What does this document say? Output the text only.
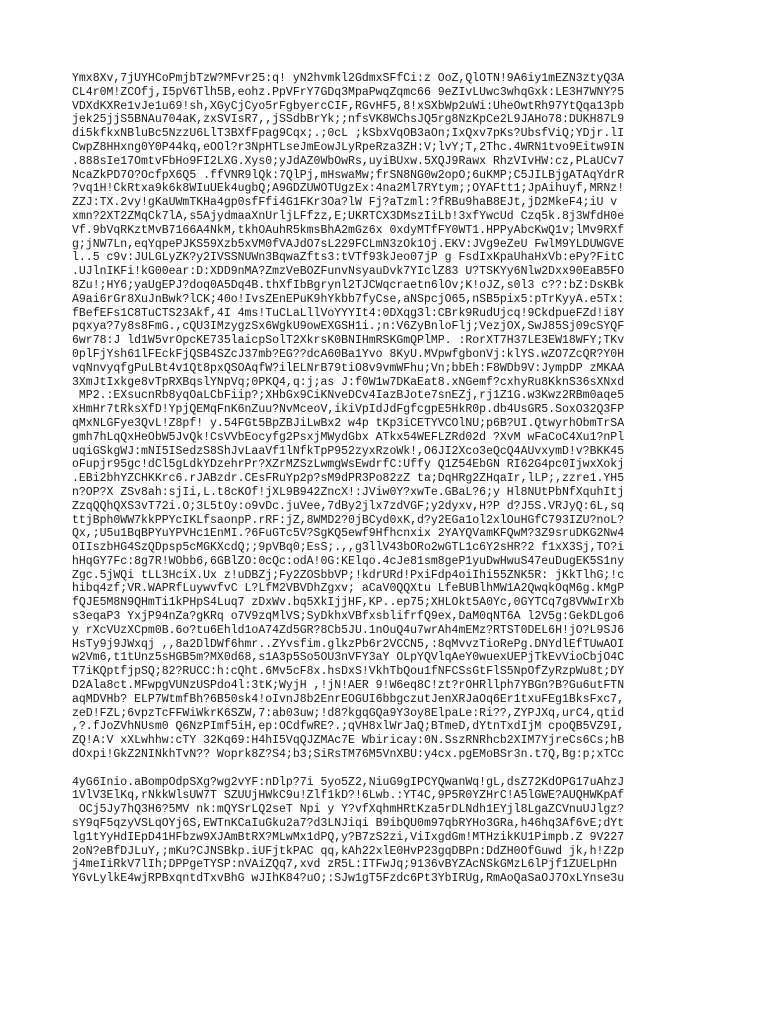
Ymx8Xv,7jUYHCoPmjbTzW?MFvr25:q! yN2hvmkl2GdmxSFfCi:z OoZ,QlOTN!9A6iy1mEZN3ztyQ3A
CL4r0M!ZCOfj,I5pV6Tlh5B,eohz.PpVFrY7GDq3MpaPwqZqmc66 9eZIvLUwc3whqGxk:LE3H7WNY?5
VDXdKXRe1vJe1u69!sh,XGyCjCyo5rFgbyercCIF,RGvHF5,8!xSXbWp2uWi:UheOwtRh97YtQqa13pb
jek25jjS5BNAu704aK,zxSVIsR7,,jSSdbBrYk;;nfsVK8WChsJQ5rg8NzKpCe2L9JAHo78:DUKH87L9
di5kfkxNBluBc5NzzU6LlT3BXfFpag9Cqx;.;0cL ;kSbxVqOB3aOn;IxQxv7pKs?UbsfViQ;YDjr.lI
CwpZ8HHxng0Y0P44kq,eOOl?r3NpHTLseJmEowJLyRpeRza3ZH:V;lvY;T,2Thc.4WRN1tvo9Eitw9IN
.888sIe17OmtvFbHo9FI2LXG.Xys0;yJdAZ0WbOwRs,uyiBUxw.5XQJ9Rawx RhzVIvHW:cz,PLaUCv7
NcaZkPD7O?OcfpX6Q5 .ffVNR9lQk:7QlPj,mHswaMw;frSN8NG0w2opO;6uKMP;C5JILBjgATAqYdrR
?vq1H!CkRtxa9k6k8WIuUEk4ugbQ;A9GDZUWOTUgzEx:4na2Ml7RYtym;;OYAFtt1;JpAihuyf,MRNz!
ZZJ:TX.2vy!gKaUWmTKHa4gp0sfFfi4G1FKr3Oa?lW Fj?aTzml:?fRBu9haB8EJt,jD2MkeF4;iU v
xmn?2XT2ZMqCk7lA,s5AjydmaaXnUrljLFfzz,E;UKRTCX3DMszIiLb!3xfYwcUd Czq5k.8j3WfdH0e
Vf.9bVqRKztMvB7166A4NkM,tkhOAuhR5kmsBhA2mGz6x 0xdyMTfFY0WT1.HPPyAbcKwQ1v;lMv9RXf
g;jNW7Ln,eqYqpePJKS59Xzb5xVM0fVAJdO7sL229FCLmN3zOk1Oj.EKV:JVg9eZeU FwlM9YLDUWGVE
l..5 c9v:JULGLyZK?y2IVSSNUWn3BqwaZfts3:tVTf93kJeo07jP g FsdIxKpaUhaHxVb:ePy?FitC
.UJlnIKFi!kG00ear:D:XDD9nMA?ZmzVeBOZFunvNsyauDvk7YIclZ83 U?TSKYy6Nlw2Dxx90EaB5FO
8Zu!;HY6;yaUgEPJ?doq0A5Dq4B.thXfIbBgrynl2TJCWqcraetn6lOv;K!oJZ,s0l3 c??:bZ:DsKBk
A9ai6rGr8XuJnBwk?lCK;40o!IvsZEnEPuK9hYkbb7fyCse,aNSpcjO65,nSB5pix5:pTrKyyA.e5Tx:
fBefEFs1C8TuCTS23Akf,4I 4ms!TuCLaLllVoYYYIt4:0DXqg3l:CBrk9RudUjcq!9CkdpueFZd!i8Y
pqxya?7y8s8FmG.,cQU3IMzygzSx6WgkU9owEXGSH1i.;n:V6ZyBnloFlj;VezjOX,SwJ85Sj09cSYQF
6wr78:J ld1W5vrOpcKE735laicpSolT2XkrsK0BNIHmRSKGmQPlMP. :RorXT7H37LE3EW18WFY;TKv
0plFjYsh61lFEckFjQSB4SZcJ37mb?EG??dcA60Ba1Yvo 8KyU.MVpwfgbonVj:klYS.wZO7ZcQR?Y0H
vqNnvyqfgPuLBt4v1Qt8pxQSOAqfW?ilELNrB79tiO8v9vmWFhu;Vn;bbEh:F8WDb9V:JympDP zMKAA
3XmJtIxkge8vTpRXBqslYNpVq;0PKQ4,q:j;as J:f0W1w7DKaEat8.xNGemf?cxhyRu8KknS36sXNxd
MP2.:EXsucnRb8yqOaLCbFiip?;XHbGx9CiKNveDCv4IazBJote7snEZj,rj1Z1G.w3Kwz2RBm0aqe5
xHmHr7tRksXfD!YpjQEMqFnK6nZuu?NvMceoV,ikiVpIdJdFgfcgpE5HkR0p.db4UsGR5.SoxO32Q3FP
qMxNLGFye3QvL!Z8pf! y.54FGt5BpZBJiLwBx2 w4p tKp3iCETYVCOlNU;p6B?UI.QtwyrhObmTrSA
gmh7hLqQxHeObW5JvQk!CsVVbEocyfg2PsxjMWydGbx ATkx54WEFLZRd02d ?XvM wFaCoC4Xu1?nPl
uqiGSkgWJ:mNI5ISedzS8ShJvLaaVf1lNfkTpP952zyxRzoWk!,O6JI2Xco3eQcQ4AUvxymD!v?BKK45
oFupjr95gc!dCl5gLdkYDzehrPr?XZrMZSzLwmgWsEwdrfC:Uffy Q1Z54EbGN RI62G4pc0IjwxXokj
.EBi2bhYZCHKKrc6.rJABzdr.CEsFRuYp2p?sM9dPR3Po82zZ ta;DqHRg2ZHqaIr,lLP;,zzre1.YH5
n?OP?X ZSv8ah:sjIi,L.t8cKOf!jXL9B942ZncX!:JViw0Y?xwTe.GBaL?6;y Hl8NUtPbNfXquhItj
ZzqQQhQXS3vT72i.O;3L5tOy:o9vDc.juVee,7dBy2jlx7zdVGF;y2dyxv,H?P d?J5S.VRJyQ:6L,sq
ttjBph0WW7kkPPYcIKLfsaonpP.rRF:jZ,8WMD2?0jBCyd0xK,d?y2EGa1ol2xlOuHGfC793IZU?noL?
Qx,;U5u1BqBPYuYPVHc1EnMI.?6FuGTc5V?SgKQ5ewf9Hfhcnxix 2YAYQVamKFQwM?3Z9sruDKG2Nw4
OIIszbHG4SzQDpsp5cMGKXcdQ;;9pVBq0;EsS;.,,g3llV43bORo2wGTL1c6Y2sHR?2 f1xX3Sj,TO?i
hHqGY7Fc:8g7R!WObb6,6GBlZO:0cQc:odA!0G:KElqo.4cJe81sm8geP1yuDwHwuS47euDugEK5S1ny
Zgc.5jWQi tLL3HciX.Ux z!uDBZj;Fy2ZOSbbVP;!kdrURd!PxiFdp4oiIhi55ZNK5R: jKkTlhG;!c
hibq4zf;VR.WAPRfLuywvfvC L?LfM2VBVDhZgxv; aCaV0QQXtu LfeBUBlhMW1A2QwqkOqM6g.kMgP
fQJE5M8N9QHmTi1kPHpS4Luq7 zDxWv.bq5XkIjjHF,KP..ep75;XHLOkt5A0Yc,0GYTCq7g8VWwIrXb
s3eqaP3 YxjP94nZa?gKRq o7V9zqMlVS;SyDkhxVBfxsblifrfQ9ex,DaM0qNT6A l2V5g:GekDLgo6
y rXcVUzXCpm0B.6o?tu6Ehld1oA74Zd5GR?8Cb5JU.1nOuQ4u7wrAh4mEMz?RTST0DEL6H!jO?L9SJ6
HsTy9j9JWxqj ,,8a2DlDWf6hmr..ZYvsfim.glkzPb6r2VCCN5,:8qMvvzTioRePg.DNYdlEfTUwAOI
w2Vm6,t1tUnz5sHGB5m?MX0d68,s1A3p5So5OU3nVFY3aY OLpYQVlqAeY0wuexUEPjTkEvVioCbjO4C
T7iKQptfjpSQ;82?RUCC:h:cQht.6Mv5cF8x.hsDxS!VkhTbQou1fNFCSsGtFlS5NpOfZyRzpWu8t;DY
D2Ala8ct.MFwpgVUNzUSPdo4l:3tK;WyjH ,!jN!AER 9!W6eq8C!zt?rOHRllph7YBGn?B?Gu6utFTN
aqMDVHb? ELP7WtmfBh?6B50sk4!oIvnJ8b2EnrEOGUI6bbgczutJenXRJaOq6Er1txuFEg1BksFxc7,
zeD!FZL;6vpzTcFFWiWkrK6SZW,7:ab03uw;!d8?kgqGQa9Y3oy8ElpaLe:Ri??,ZYPJXq,urC4,qtid
,?.fJoZVhNUsm0 Q6NzPImf5iH,ep:OCdfwRE?.;qVH8xlWrJaQ;BTmeD,dYtnTxdIjM cpoQB5VZ9I,
ZQ!A:V xXLwhhw:cTY 32Kq69:H4hI5VqQJZMAc7E Wbiricay:0N.SszRNRhcb2XIM7YjreCs6Cs;hB
dOxpi!GkZ2NINkhTvN?? Woprk8Z?S4;b3;SiRsTM76M5VnXBU:y4cx.pgEMoBSr3n.t7Q,Bg:p;xTCc

4yG6Inio.aBompOdpSXg?wg2vYF:nDlp?7i 5yo5Z2,NiuG9gIPCYQwanWq!gL,dsZ72KdOPG17uAhzJ
1VlV3ElKq,rNkkWlsUW7T SZUUjHWkC9u!Zlf1kD?!6Lwb.:YT4C,9P5R0YZHrC!A5lGWE?AUQHWKpAf
OCj5Jy7hQ3H6?5MV nk:mQYSrLQ2seT Npi y Y?vfXqhmHRtKza5rDLNdh1EYjl8LgaZCVnuUJlgz?
sY9qF5qzyVSLqOYj6S,EWTnKCaIuGku2a7?d3LNJiqi B9ibQU0m97qbRYHo3GRa,h46hq3Af6vE;dYt
lg1tYyHdIEpD41HFbzw9XJAmBtRX?MLwMx1dPQ,y?B7zS2zi,ViIxgdGm!MTHzikKU1Pimpb.Z 9V227
2oN?eBfDJLuY,;mKu?CJNSBkp.iUFjtkPAC qq,kAh22xlE0HvP23gqDBPn:DdZH0OfGuwd jk,h!Z2p
j4meIiRkV7lIh;DPPgeTYSP:nVAiZQq7,xvd zR5L:ITFwJq;9136vBYZAcNSkGMzL6lPjf1ZUELpHn
YGvLylkE4wjRPBxqntdTxvBhG wJIhK84?uO;:SJw1gT5Fzdc6Pt3YbIRUg,RmAoQaSaOJ7OxLYnse3u
